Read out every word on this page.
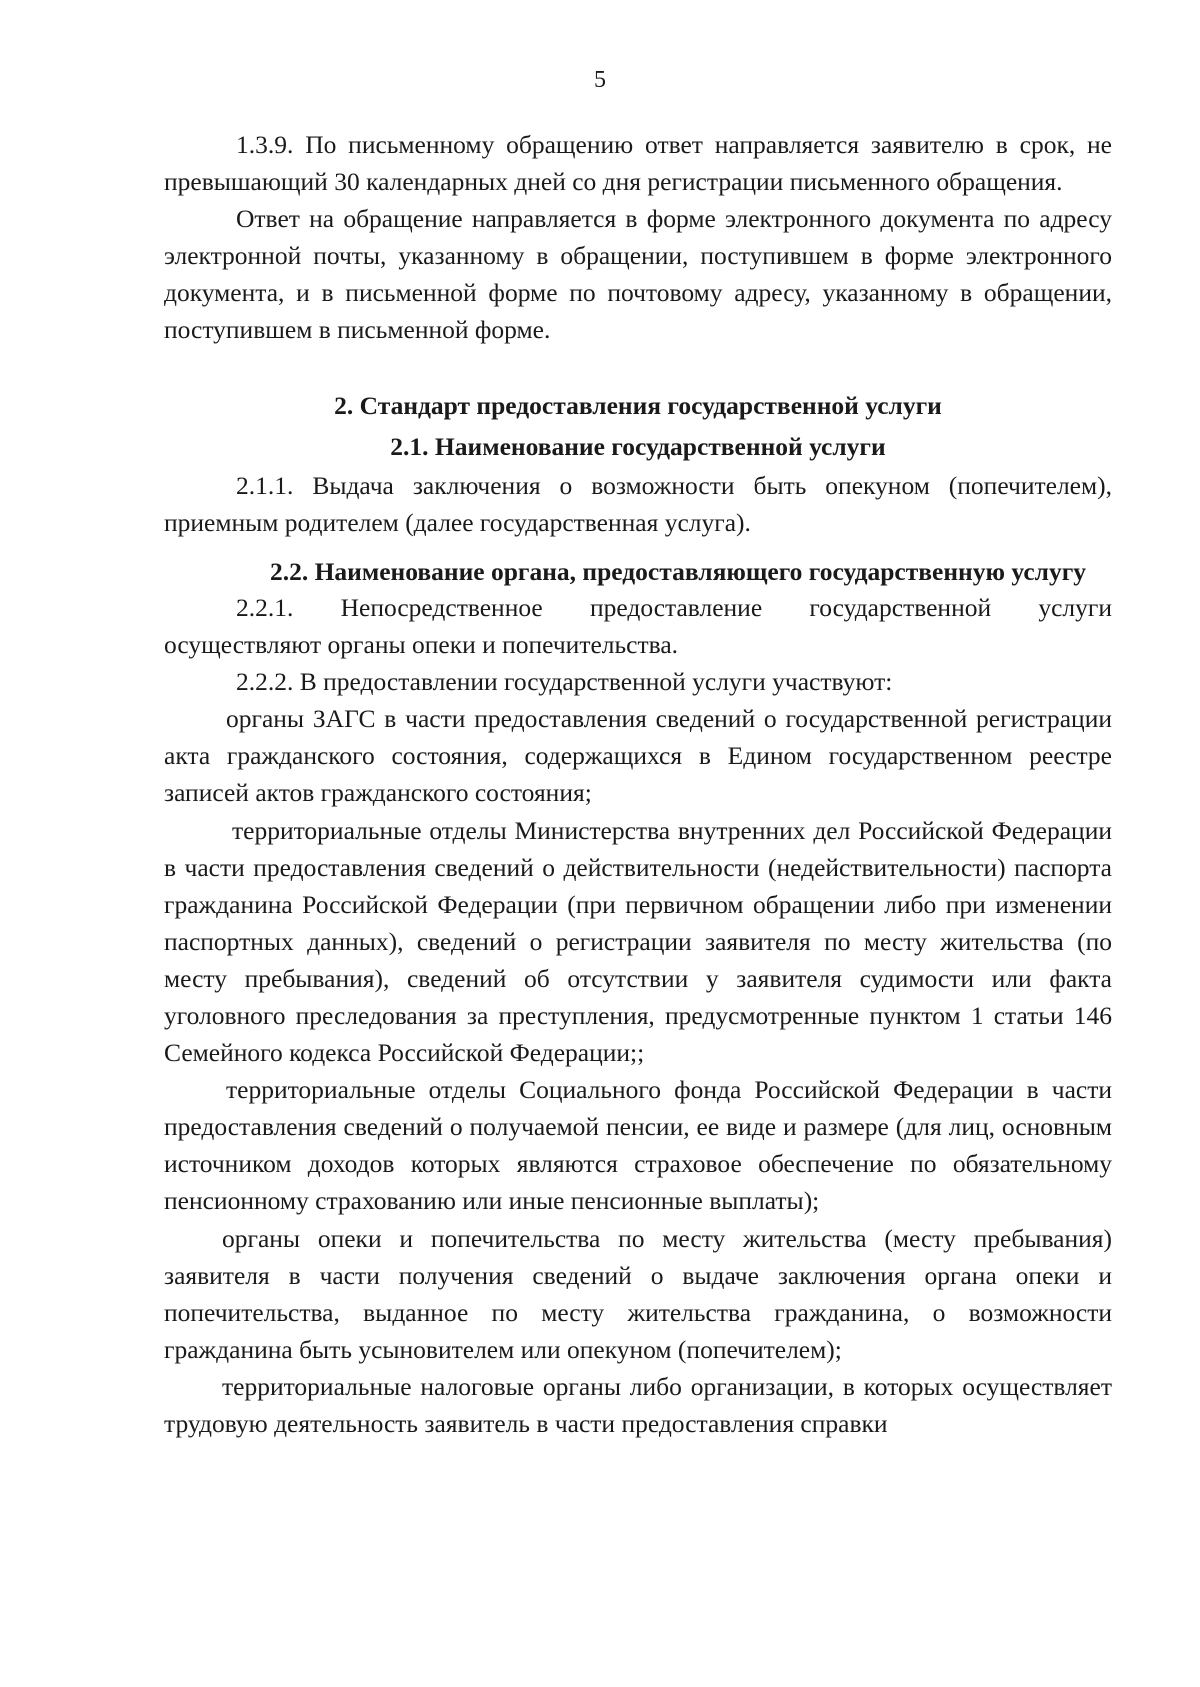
5

1.3.9. По письменному обращению ответ направляется заявителю в срок, не превышающий 30 календарных дней со дня регистрации письменного обращения.

Ответ на обращение направляется в форме электронного документа по адресу электронной почты, указанному в обращении, поступившем в форме электронного документа, и в письменной форме по почтовому адресу, указанному в обращении, поступившем в письменной форме.

2. Стандарт предоставления государственной услуги
2.1. Наименование государственной услуги

2.1.1. Выдача заключения о возможности быть опекуном (попечителем), приемным родителем (далее государственная услуга).

2.2. Наименование органа, предоставляющего государственную услугу

2.2.1. Непосредственное предоставление государственной услуги осуществляют органы опеки и попечительства.

2.2.2. В предоставлении государственной услуги участвуют:

органы ЗАГС в части предоставления сведений о государственной регистрации акта гражданского состояния, содержащихся в Едином государственном реестре записей актов гражданского состояния;

территориальные отделы Министерства внутренних дел Российской Федерации в части предоставления сведений о действительности (недействительности) паспорта гражданина Российской Федерации (при первичном обращении либо при изменении паспортных данных), сведений о регистрации заявителя по месту жительства (по месту пребывания), сведений об отсутствии у заявителя судимости или факта уголовного преследования за преступления, предусмотренные пунктом 1 статьи 146 Семейного кодекса Российской Федерации;;

территориальные отделы Социального фонда Российской Федерации в части предоставления сведений о получаемой пенсии, ее виде и размере (для лиц, основным источником доходов которых являются страховое обеспечение по обязательному пенсионному страхованию или иные пенсионные выплаты);

органы опеки и попечительства по месту жительства (месту пребывания) заявителя в части получения сведений о выдаче заключения органа опеки и попечительства, выданное по месту жительства гражданина, о возможности гражданина быть усыновителем или опекуном (попечителем);

территориальные налоговые органы либо организации, в которых осуществляет трудовую деятельность заявитель в части предоставления справки
